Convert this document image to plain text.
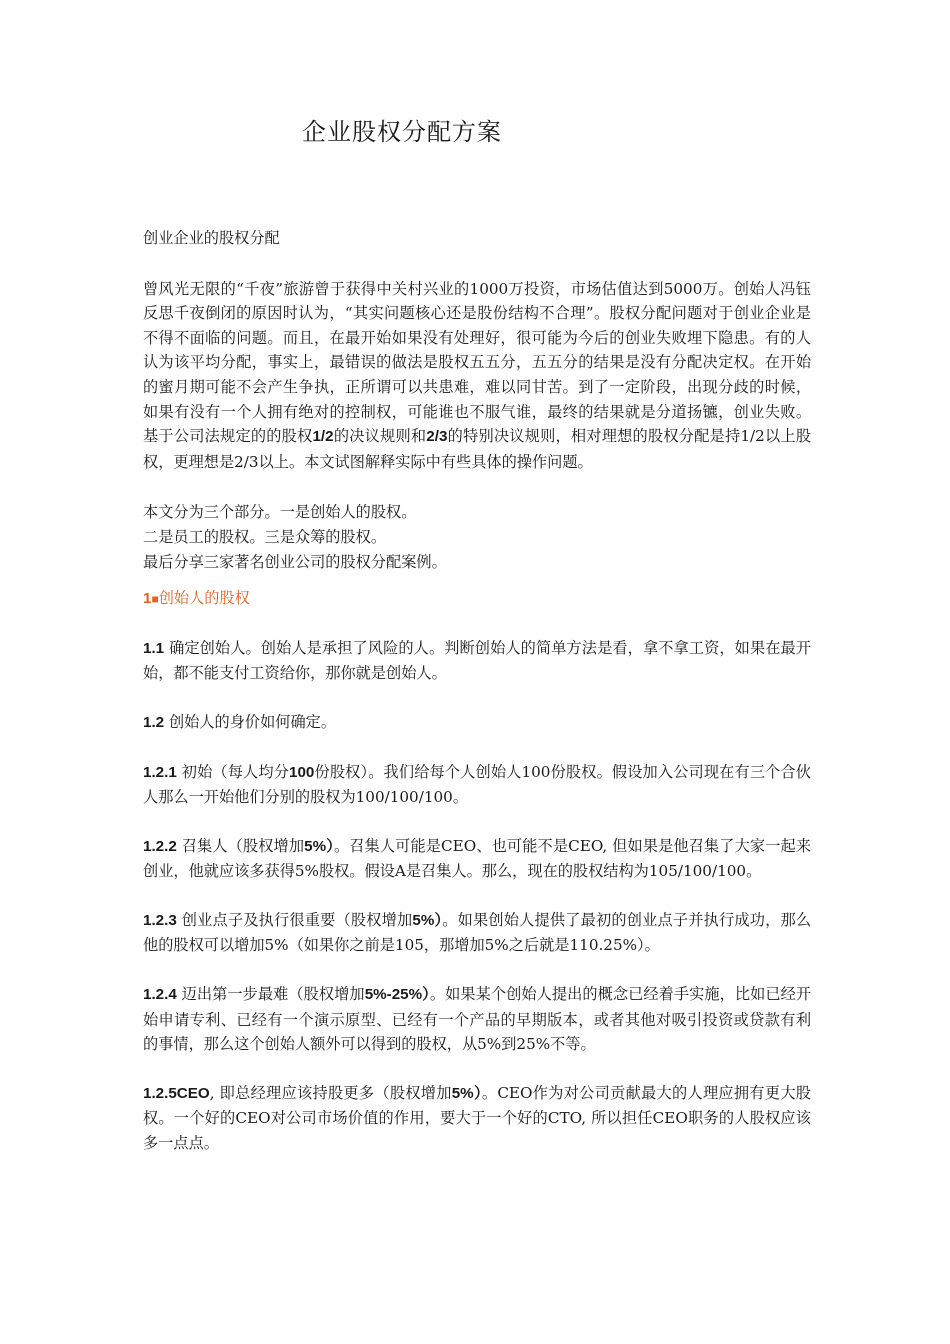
企业股权分配方案

创业企业的股权分配

曾风光无限的“千夜”旅游曾于获得中关村兴业的1000万投资，市场估值达到5000万。创始人冯钰反思千夜倒闭的原因时认为，“其实问题核心还是股份结构不合理”。股权分配问题对于创业企业是不得不面临的问题。而且，在最开始如果没有处理好，很可能为今后的创业失败埋下隐患。有的人认为该平均分配，事实上，最错误的做法是股权五五分，五五分的结果是没有分配决定权。在开始的蜜月期可能不会产生争执，正所谓可以共患难，难以同甘苦。到了一定阶段，出现分歧的时候，如果有没有一个人拥有绝对的控制权，可能谁也不服气谁，最终的结果就是分道扬镳，创业失败。基于公司法规定的的股权1/2的决议规则和2/3的特别决议规则，相对理想的股权分配是持1/2以上股权，更理想是2/3以上。本文试图解释实际中有些具体的操作问题。

本文分为三个部分。一是创始人的股权。

二是员工的股权。三是众筹的股权。

最后分享三家著名创业公司的股权分配案例。

1■创始人的股权

1.1 确定创始人。创始人是承担了风险的人。判断创始人的简单方法是看，拿不拿工资，如果在最开始，都不能支付工资给你，那你就是创始人。

1.2 创始人的身价如何确定。

1.2.1 初始（每人均分100份股权）。我们给每个人创始人100份股权。假设加入公司现在有三个合伙人那么一开始他们分别的股权为100/100/100。

1.2.2 召集人（股权增加5%）。召集人可能是CEO、也可能不是CEO, 但如果是他召集了大家一起来创业，他就应该多获得5%股权。假设A是召集人。那么，现在的股权结构为105/100/100。

1.2.3 创业点子及执行很重要（股权增加5%）。如果创始人提供了最初的创业点子并执行成功，那么他的股权可以增加5%（如果你之前是105，那增加5%之后就是110.25%）。

1.2.4 迈出第一步最难（股权增加5%-25%）。如果某个创始人提出的概念已经着手实施，比如已经开始申请专利、已经有一个演示原型、已经有一个产品的早期版本，或者其他对吸引投资或贷款有利的事情，那么这个创始人额外可以得到的股权，从5%到25%不等。

1.2.5CEO, 即总经理应该持股更多（股权增加5%）。CEO作为对公司贡献最大的人理应拥有更大股权。一个好的CEO对公司市场价值的作用，要大于一个好的CTO, 所以担任CEO职务的人股权应该多一点点。
